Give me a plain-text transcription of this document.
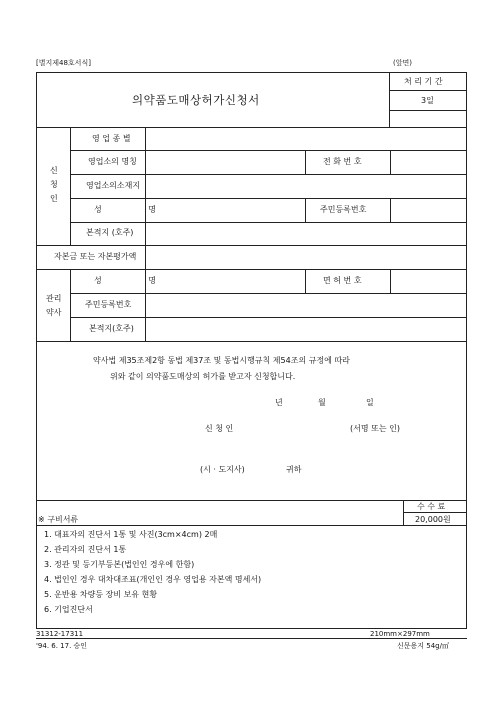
[별지제48호서식]	(앞면)
의약품도매상허가신청서
처 리 기 간
3일
신
청
인
영 업 종 별
영업소의 명칭	전 화 번 호
영업소의소재지
성 명	주민등록번호
본적지 (호주)
자본금 또는 자본평가액
관리
약사
성 명	면 허 번 호
주민등록번호
본적지(호주)
약사법 제35조제2항 동법 제37조 및 동법시행규칙 제54조의 규정에 따라
위와 같이 의약품도매상의 허가를 받고자 신청합니다.
년	월	일
신 청 인	(서명 또는 인)
(시 · 도지사)	귀하
수 수 료
20,000원
※ 구비서류
1. 대표자의 진단서 1통 및 사진(3cm×4cm) 2매
2. 관리자의 진단서 1통
3. 정관 및 등기부등본(법인인 경우에 한함)
4. 법인인 경우 대차대조표(개인인 경우 영업용 자본액 명세서)
5. 운반용 차량등 장비 보유 현황
6. 기업진단서
31312-17311	210mm×297mm
'94. 6. 17. 승인	신문용지 54g/㎡
